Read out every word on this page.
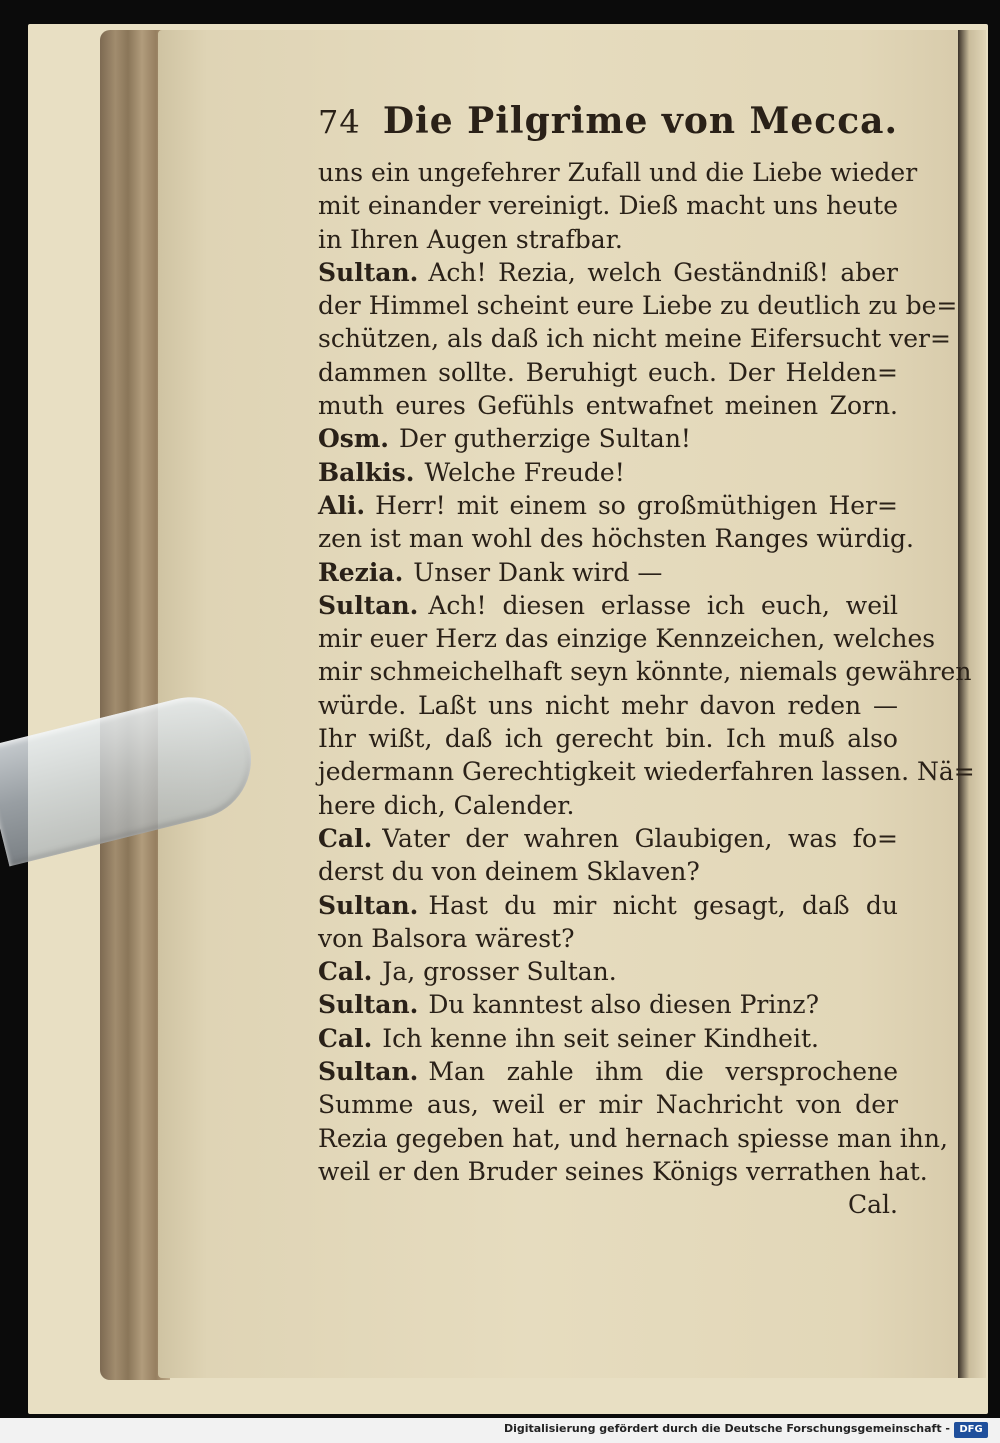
74 Die Pilgrime von Mecca.
uns ein ungefehrer Zufall und die Liebe wieder
mit einander vereinigt. Dieß macht uns heute
in Ihren Augen strafbar.
Sultan. Ach! Rezia, welch Geständniß! aber
der Himmel scheint eure Liebe zu deutlich zu be=
schützen, als daß ich nicht meine Eifersucht ver=
dammen sollte. Beruhigt euch. Der Helden=
muth eures Gefühls entwafnet meinen Zorn.
Osm. Der gutherzige Sultan!
Balkis. Welche Freude!
Ali. Herr! mit einem so großmüthigen Her=
zen ist man wohl des höchsten Ranges würdig.
Rezia. Unser Dank wird —
Sultan. Ach! diesen erlasse ich euch, weil
mir euer Herz das einzige Kennzeichen, welches
mir schmeichelhaft seyn könnte, niemals gewähren
würde. Laßt uns nicht mehr davon reden —
Ihr wißt, daß ich gerecht bin. Ich muß also
jedermann Gerechtigkeit wiederfahren lassen. Nä=
here dich, Calender.
Cal. Vater der wahren Glaubigen, was fo=
derst du von deinem Sklaven?
Sultan. Hast du mir nicht gesagt, daß du
von Balsora wärest?
Cal. Ja, grosser Sultan.
Sultan. Du kanntest also diesen Prinz?
Cal. Ich kenne ihn seit seiner Kindheit.
Sultan. Man zahle ihm die versprochene
Summe aus, weil er mir Nachricht von der
Rezia gegeben hat, und hernach spiesse man ihn,
weil er den Bruder seines Königs verrathen hat.
Cal.
Digitalisierung gefördert durch die Deutsche Forschungsgemeinschaft - DFG
